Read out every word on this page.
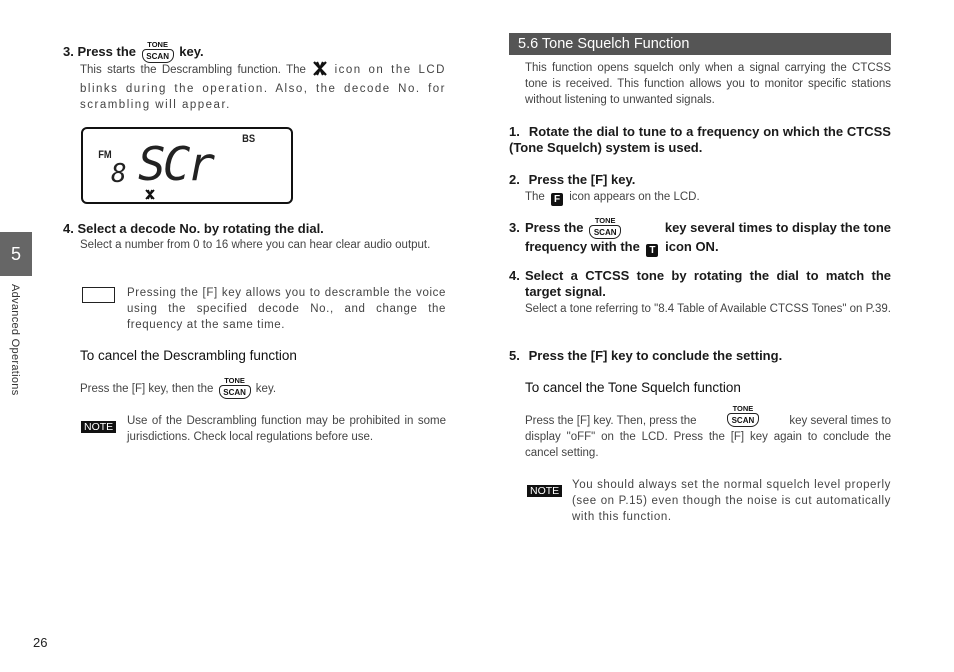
5
Advanced Operations
3. Press the	TONE
SCAN key.
This starts the Descrambling function. The icon on the LCD blinks during the operation. Also, the decode No. for scrambling will appear.
FM
BS
8 SCr
4. Select a decode No. by rotating the dial.
Select a number from 0 to 16 where you can hear clear audio output.
Pressing the [F] key allows you to descramble the voice using the specified decode No., and change the frequency at the same time.
To cancel the Descrambling function
Press the [F] key, then the
TONE
SCAN key.
NOTE Use of the Descrambling function may be prohibited in some jurisdictions. Check local regulations before use.
5.6 Tone Squelch Function
This function opens squelch only when a signal carrying the CTCSS tone is received. This function allows you to monitor specific stations without listening to unwanted signals.
1. Rotate the dial to tune to a frequency on which the CTCSS (Tone Squelch) system is used.
2. Press the [F] key.
The F icon appears on the LCD.
3. Press the	TONE
SCAN	key several times to display the tone
frequency with the T icon ON.
4. Select a CTCSS tone by rotating the dial to match the target signal.
Select a tone referring to "8.4 Table of Available CTCSS Tones" on P.39.
5. Press the [F] key to conclude the setting.
To cancel the Tone Squelch function
Press the [F] key. Then, press the
TONE
SCAN	key several times to
display "oFF" on the LCD. Press the [F] key again to conclude the cancel setting.
NOTE You should always set the normal squelch level properly (see on P.15) even though the noise is cut automatically with this function.
26
